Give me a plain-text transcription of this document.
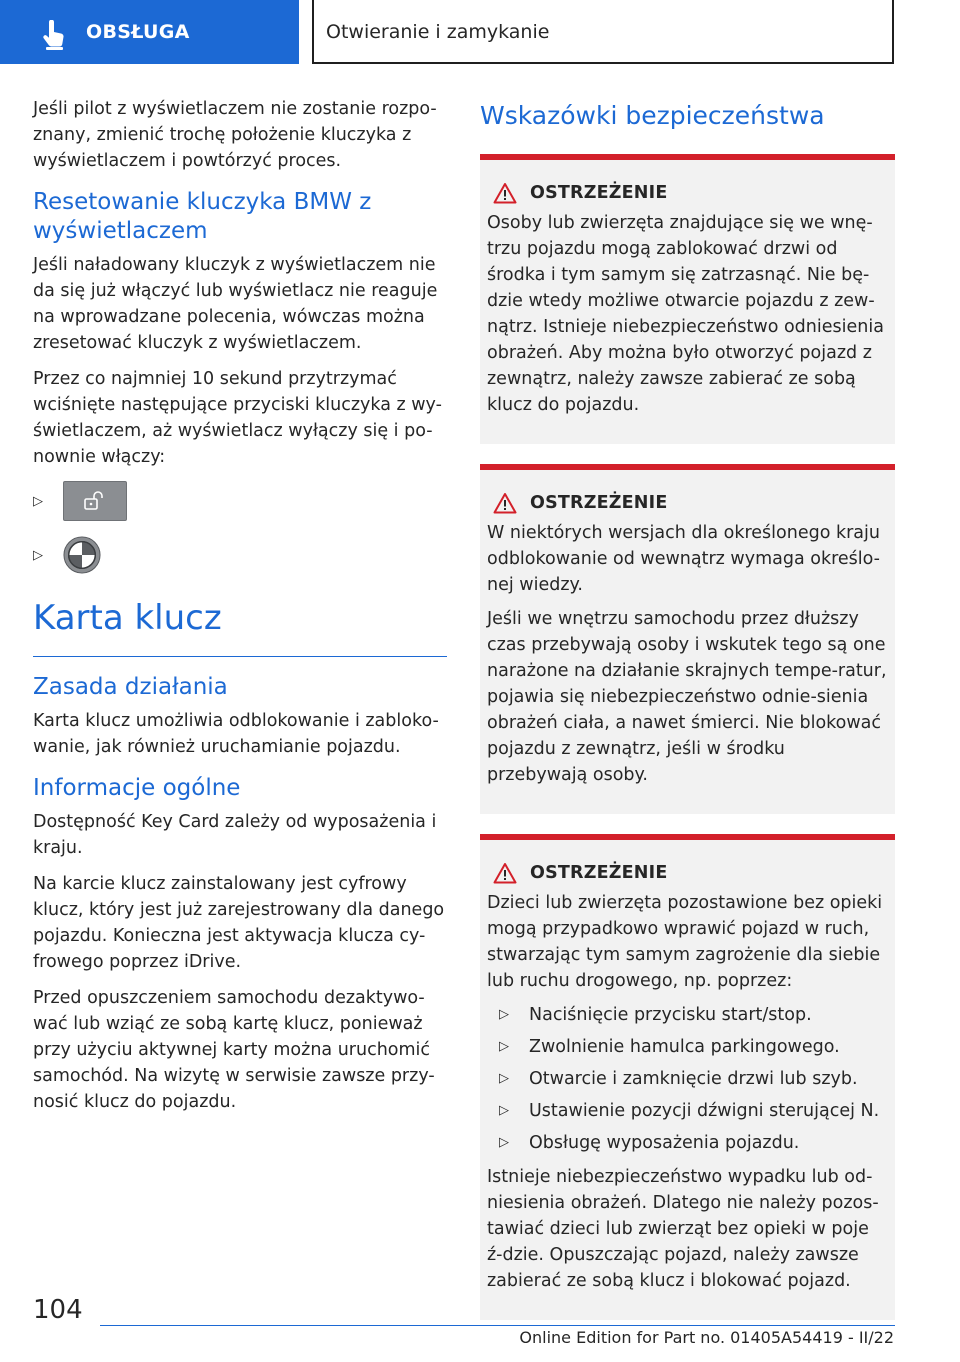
OBSŁUGA	Otwieranie i zamykanie

Jeśli pilot z wyświetlaczem nie zostanie rozpo-znany, zmienić trochę położenie kluczyka z wyświetlaczem i powtórzyć proces.

Resetowanie kluczyka BMW z wyświetlaczem

Jeśli naładowany kluczyk z wyświetlaczem nie da się już włączyć lub wyświetlacz nie reaguje na wprowadzane polecenia, wówczas można zresetować kluczyk z wyświetlaczem.

Przez co najmniej 10 sekund przytrzymać wciśnięte następujące przyciski kluczyka z wy-świetlaczem, aż wyświetlacz wyłączy się i po-nownie włączy:

▷
▷
Karta klucz
Zasada działania

Karta klucz umożliwia odblokowanie i zabloko-wanie, jak również uruchamianie pojazdu.

Informacje ogólne

Dostępność Key Card zależy od wyposażenia i kraju.

Na karcie klucz zainstalowany jest cyfrowy klucz, który jest już zarejestrowany dla danego pojazdu. Konieczna jest aktywacja klucza cy-frowego poprzez iDrive.

Przed opuszczeniem samochodu dezaktywo-wać lub wziąć ze sobą kartę klucz, ponieważ przy użyciu aktywnej karty można uruchomić samochód. Na wizytę w serwisie zawsze przy-nosić klucz do pojazdu.

Wskazówki bezpieczeństwa
OSTRZEŻENIE

Osoby lub zwierzęta znajdujące się we wnę-trzu pojazdu mogą zablokować drzwi od środka i tym samym się zatrzasnąć. Nie bę-dzie wtedy możliwe otwarcie pojazdu z zew-nątrz. Istnieje niebezpieczeństwo odniesienia obrażeń. Aby można było otworzyć pojazd z zewnątrz, należy zawsze zabierać ze sobą klucz do pojazdu.

OSTRZEŻENIE

W niektórych wersjach dla określonego kraju odblokowanie od wewnątrz wymaga określo-nej wiedzy.

Jeśli we wnętrzu samochodu przez dłuższy czas przebywają osoby i wskutek tego są one narażone na działanie skrajnych tempe-ratur, pojawia się niebezpieczeństwo odnie-sienia obrażeń ciała, a nawet śmierci. Nie blokować pojazdu z zewnątrz, jeśli w środku przebywają osoby.

OSTRZEŻENIE

Dzieci lub zwierzęta pozostawione bez opieki mogą przypadkowo wprawić pojazd w ruch, stwarzając tym samym zagrożenie dla siebie lub ruchu drogowego, np. poprzez:

▷	Naciśnięcie przycisku start/stop.
▷	Zwolnienie hamulca parkingowego.
▷	Otwarcie i zamknięcie drzwi lub szyb.
▷	Ustawienie pozycji dźwigni sterującej N.
▷	Obsługę wyposażenia pojazdu.

Istnieje niebezpieczeństwo wypadku lub od-niesienia obrażeń. Dlatego nie należy pozos-tawiać dzieci lub zwierząt bez opieki w poje ź-dzie. Opuszczając pojazd, należy zawsze zabierać ze sobą klucz i blokować pojazd.

104
Online Edition for Part no. 01405A54419 - II/22
